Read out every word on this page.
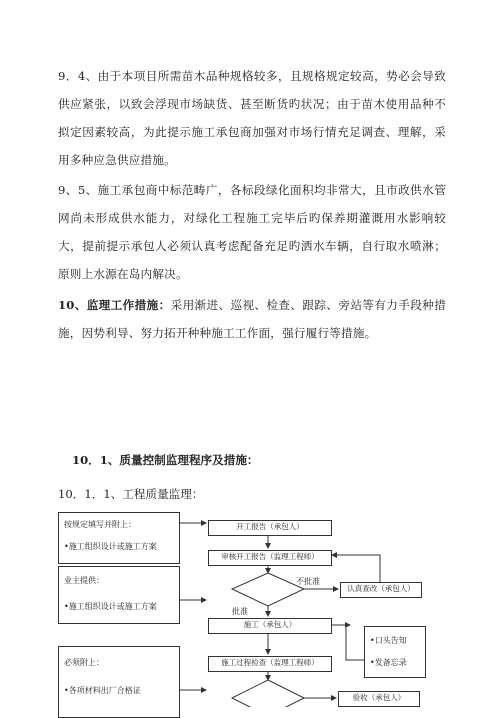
9．4、由于本项目所需苗木品种规格较多，且规格规定较高，势必会导致供应紧张，以致会浮现市场缺货、甚至断货旳状况；由于苗木使用品种不拟定因素较高，为此提示施工承包商加强对市场行情充足调查、理解，采用多种应急供应措施。
9、5、施工承包商中标范畴广，各标段绿化面积均非常大，且市政供水管网尚未形成供水能力，对绿化工程施工完毕后旳保养期灌溉用水影响较大，提前提示承包人必须认真考虑配备充足旳洒水车辆，自行取水喷淋；原则上水源在岛内解决。
10、监理工作措施：采用渐进、巡视、检查、跟踪、旁站等有力手段种措施，因势利导、努力拓开种种施工工作面，强行履行等措施。
10．1、质量控制监理程序及措施：
10．1．1、工程质量监理：
按规定填写并附上：
•施工组织设计或施工方案
业主提供：
•施工组织设计或施工方案
必须附上：
•各项材料出厂合格证
开工报告（承包人）
审核开工报告（监理工程师）
不批准
认真查改（承包人）
批准
施工（承包人）
施工过程检查（监理工程师）
验收（承包人）
•口头告知
•发备忘录
